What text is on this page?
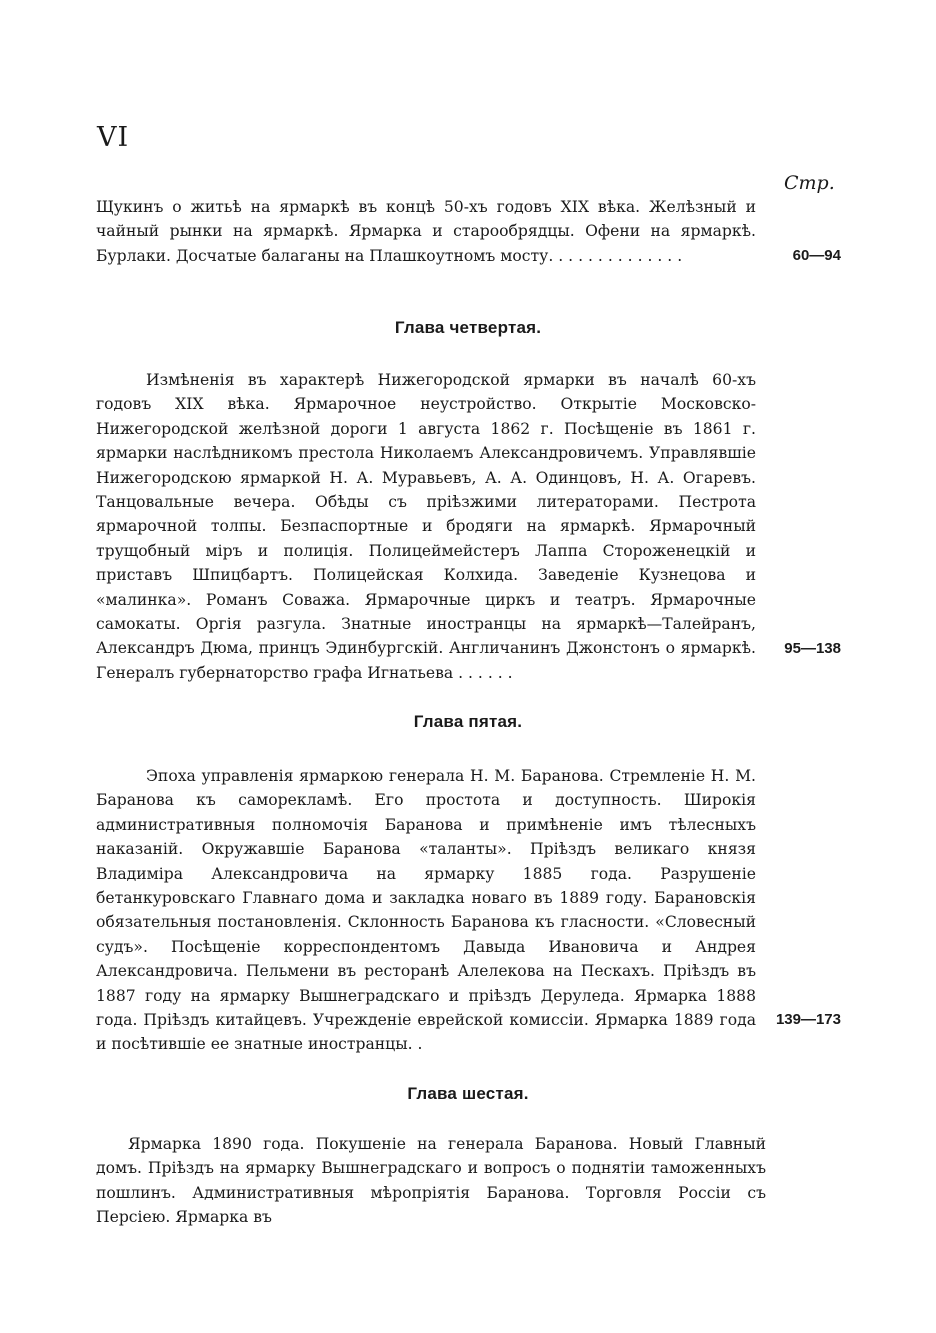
VI
Стр.
Щукинъ о житьѣ на ярмаркѣ въ концѣ 50-хъ годовъ XIX вѣка. Желѣзный и чайный рынки на ярмаркѣ. Ярмарка и старообрядцы. Офени на ярмаркѣ. Бурлаки. Досчатые балаганы на Плашкоутномъ мосту. . . . . . . . . . . . . .	60—94
Глава четвертая.
Измѣненія въ характерѣ Нижегородской ярмарки въ началѣ 60-хъ годовъ XIX вѣка. Ярмарочное неустройство. Открытіе Московско-Нижегородской желѣзной дороги 1 августа 1862 г. Посѣщеніе въ 1861 г. ярмарки наслѣдникомъ престола Николаемъ Александровичемъ. Управлявшіе Нижегородскою ярмаркой Н. А. Муравьевъ, А. А. Одинцовъ, Н. А. Огаревъ. Танцовальные вечера. Обѣды съ пріѣзжими литераторами. Пестрота ярмарочной толпы. Безпаспортные и бродяги на ярмаркѣ. Ярмарочный трущобный міръ и полиція. Полицеймейстеръ Лаппа Стороженецкій и приставъ Шпицбартъ. Полицейская Колхида. Заведеніе Кузнецова и «малинка». Романъ Соважа. Ярмарочные циркъ и театръ. Ярмарочные самокаты. Оргія разгула. Знатные иностранцы на ярмаркѣ—Талейранъ, Александръ Дюма, принцъ Эдинбургскій. Англичанинъ Джонстонъ о ярмаркѣ. Генералъ губернаторство графа Игнатьева . . . . . .
95—138
Глава пятая.
Эпоха управленія ярмаркою генерала Н. М. Баранова. Стремленіе Н. М. Баранова къ саморекламѣ. Его простота и доступность. Широкія административныя полномочія Баранова и примѣненіе имъ тѣлесныхъ наказаній. Окружавшіе Баранова «таланты». Пріѣздъ великаго князя Владиміра Александровича на ярмарку 1885 года. Разрушеніе бетанкуровскаго Главнаго дома и закладка новаго въ 1889 году. Барановскія обязательныя постановленія. Склонность Баранова къ гласности. «Словесный судъ». Посѣщеніе корреспондентомъ Давыда Ивановича и Андрея Александровича. Пельмени въ ресторанѣ Алелекова на Пескахъ. Пріѣздъ въ 1887 году на ярмарку Вышнеградскаго и пріѣздъ Деруледа. Ярмарка 1888 года. Пріѣздъ китайцевъ. Учрежденіе еврейской комиссіи. Ярмарка 1889 года и посѣтившіе ее знатные иностранцы. .
139—173
Глава шестая.
Ярмарка 1890 года. Покушеніе на генерала Баранова. Новый Главный домъ. Пріѣздъ на ярмарку Вышнеградскаго и вопросъ о поднятіи таможенныхъ пошлинъ. Административныя мѣропріятія Баранова. Торговля Россіи съ Персіею. Ярмарка въ
